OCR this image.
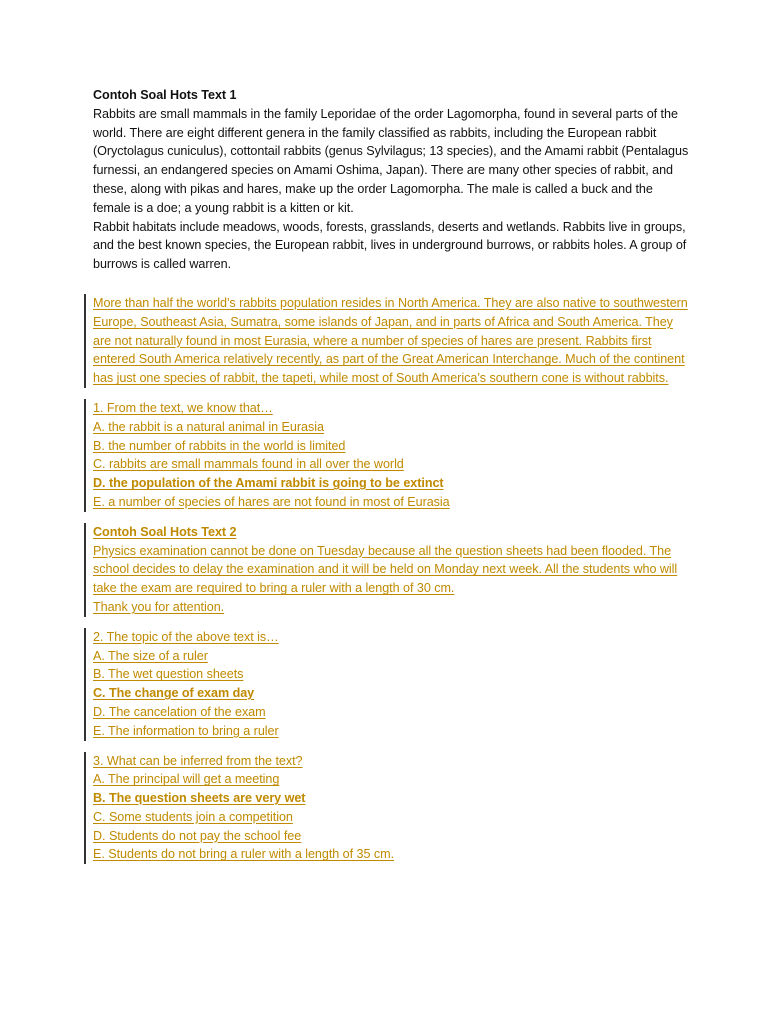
Contoh Soal Hots Text 1

Rabbits are small mammals in the family Leporidae of the order Lagomorpha, found in several parts of the world. There are eight different genera in the family classified as rabbits, including the European rabbit (Oryctolagus cuniculus), cottontail rabbits (genus Sylvilagus; 13 species), and the Amami rabbit (Pentalagus furnessi, an endangered species on Amami Oshima, Japan). There are many other species of rabbit, and these, along with pikas and hares, make up the order Lagomorpha. The male is called a buck and the female is a doe; a young rabbit is a kitten or kit.

Rabbit habitats include meadows, woods, forests, grasslands, deserts and wetlands. Rabbits live in groups, and the best known species, the European rabbit, lives in underground burrows, or rabbits holes. A group of burrows is called warren.

More than half the world’s rabbits population resides in North America. They are also native to southwestern Europe, Southeast Asia, Sumatra, some islands of Japan, and in parts of Africa and South America. They are not naturally found in most Eurasia, where a number of species of hares are present. Rabbits first entered South America relatively recently, as part of the Great American Interchange. Much of the continent has just one species of rabbit, the tapeti, while most of South America’s southern cone is without rabbits.

1. From the text, we know that…
A. the rabbit is a natural animal in Eurasia
B. the number of rabbits in the world is limited
C. rabbits are small mammals found in all over the world
D. the population of the Amami rabbit is going to be extinct
E. a number of species of hares are not found in most of Eurasia
Contoh Soal Hots Text 2

Physics examination cannot be done on Tuesday because all the question sheets had been flooded. The school decides to delay the examination and it will be held on Monday next week. All the students who will take the exam are required to bring a ruler with a length of 30 cm.

Thank you for attention.
2. The topic of the above text is…
A. The size of a ruler
B. The wet question sheets
C. The change of exam day
D. The cancelation of the exam
E. The information to bring a ruler
3. What can be inferred from the text?
A. The principal will get a meeting
B. The question sheets are very wet
C. Some students join a competition
D. Students do not pay the school fee
E. Students do not bring a ruler with a length of 35 cm.
